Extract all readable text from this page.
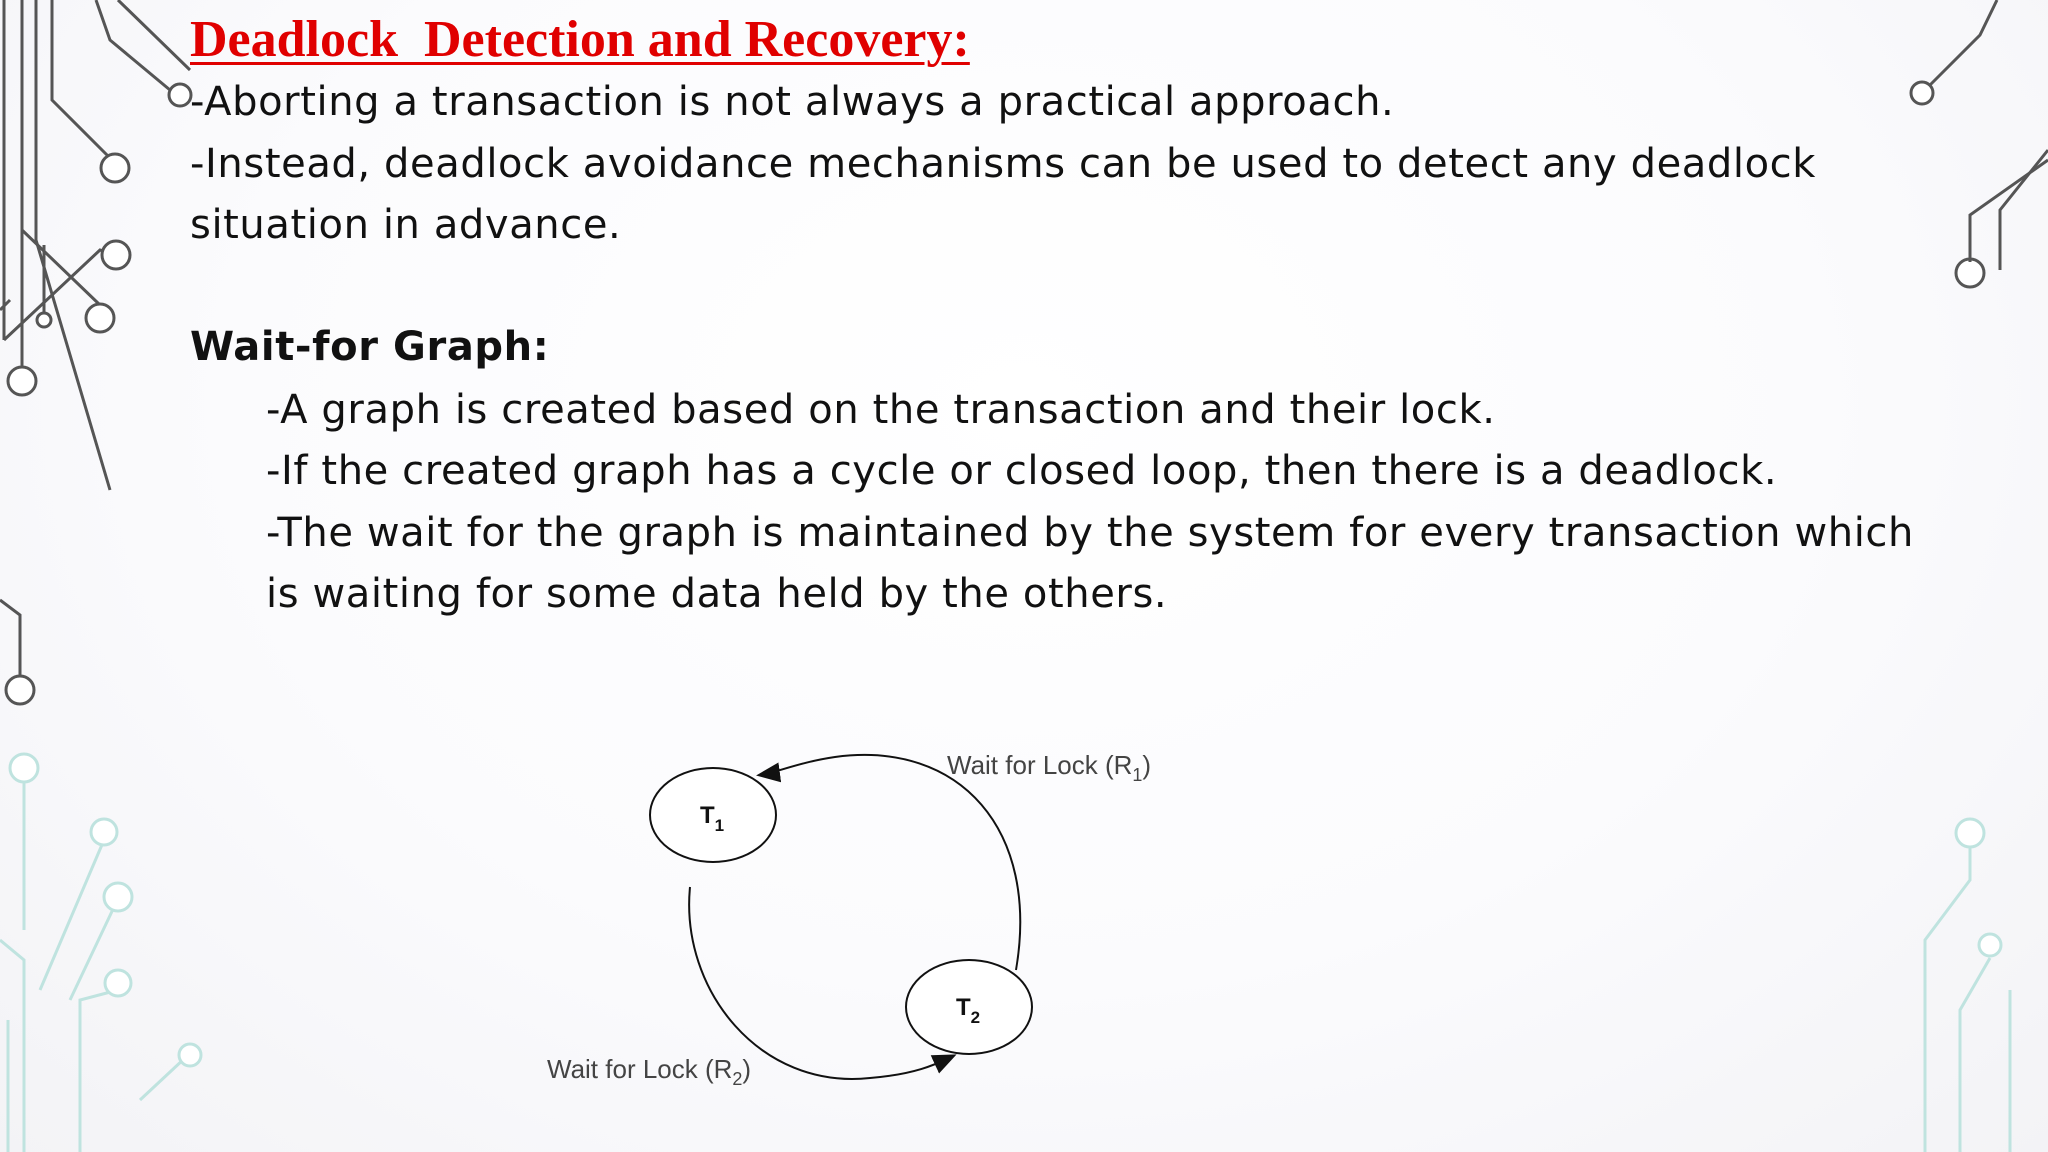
Deadlock  Detection and Recovery:
-Aborting a transaction is not always a practical approach.
-Instead, deadlock avoidance mechanisms can be used to detect any deadlock
situation in advance.
Wait-for Graph:
-A graph is created based on the transaction and their lock.
-If the created graph has a cycle or closed loop, then there is a deadlock.
-The wait for the graph is maintained by the system for every transaction which
is waiting for some data held by the others.
$T_1$
$T_2$
Wait for Lock $(R_1)$
Wait for Lock $(R_2)$
